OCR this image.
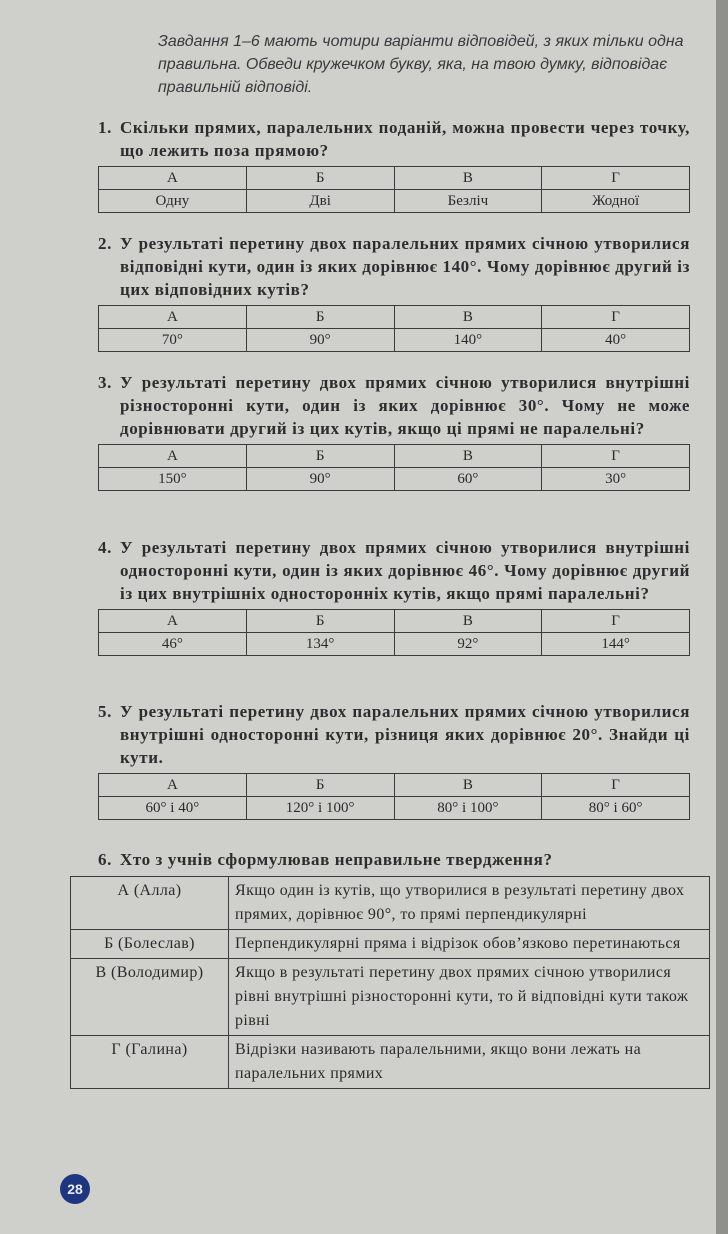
Завдання 1–6 мають чотири варіанти відповідей, з яких тільки одна правильна. Обведи кружечком букву, яка, на твою думку, відповідає правильній відповіді.

1. Скільки прямих, паралельних поданій, можна провести через точку, що лежить поза прямою?

А	Б	В	Г
Одну	Дві	Безліч	Жодної

2. У результаті перетину двох паралельних прямих січною утворилися відповідні кути, один із яких дорівнює 140°. Чому дорівнює другий із цих відповідних кутів?

А	Б	В	Г
70°	90°	140°	40°

3. У результаті перетину двох прямих січною утворилися внутрішні різносторонні кути, один із яких дорівнює 30°. Чому не може дорівнювати другий із цих кутів, якщо ці прямі не паралельні?

А	Б	В	Г
150°	90°	60°	30°

4. У результаті перетину двох прямих січною утворилися внутрішні односторонні кути, один із яких дорівнює 46°. Чому дорівнює другий із цих внутрішніх односторонніх кутів, якщо прямі паралельні?

А	Б	В	Г
46°	134°	92°	144°

5. У результаті перетину двох паралельних прямих січною утворилися внутрішні односторонні кути, різниця яких дорівнює 20°. Знайди ці кути.

А	Б	В	Г
60° і 40°	120° і 100°	80° і 100°	80° і 60°

6. Хто з учнів сформулював неправильне твердження?

А (Алла)	Якщо один із кутів, що утворилися в результаті перетину двох прямих, дорівнює 90°, то прямі перпендикулярні
Б (Болеслав)	Перпендикулярні пряма і відрізок обов’язково перетинаються
В (Володимир)	Якщо в результаті перетину двох прямих січною утворилися рівні внутрішні різносторонні кути, то й відповідні кути також рівні
Г (Галина)	Відрізки називають паралельними, якщо вони лежать на паралельних прямих
28
